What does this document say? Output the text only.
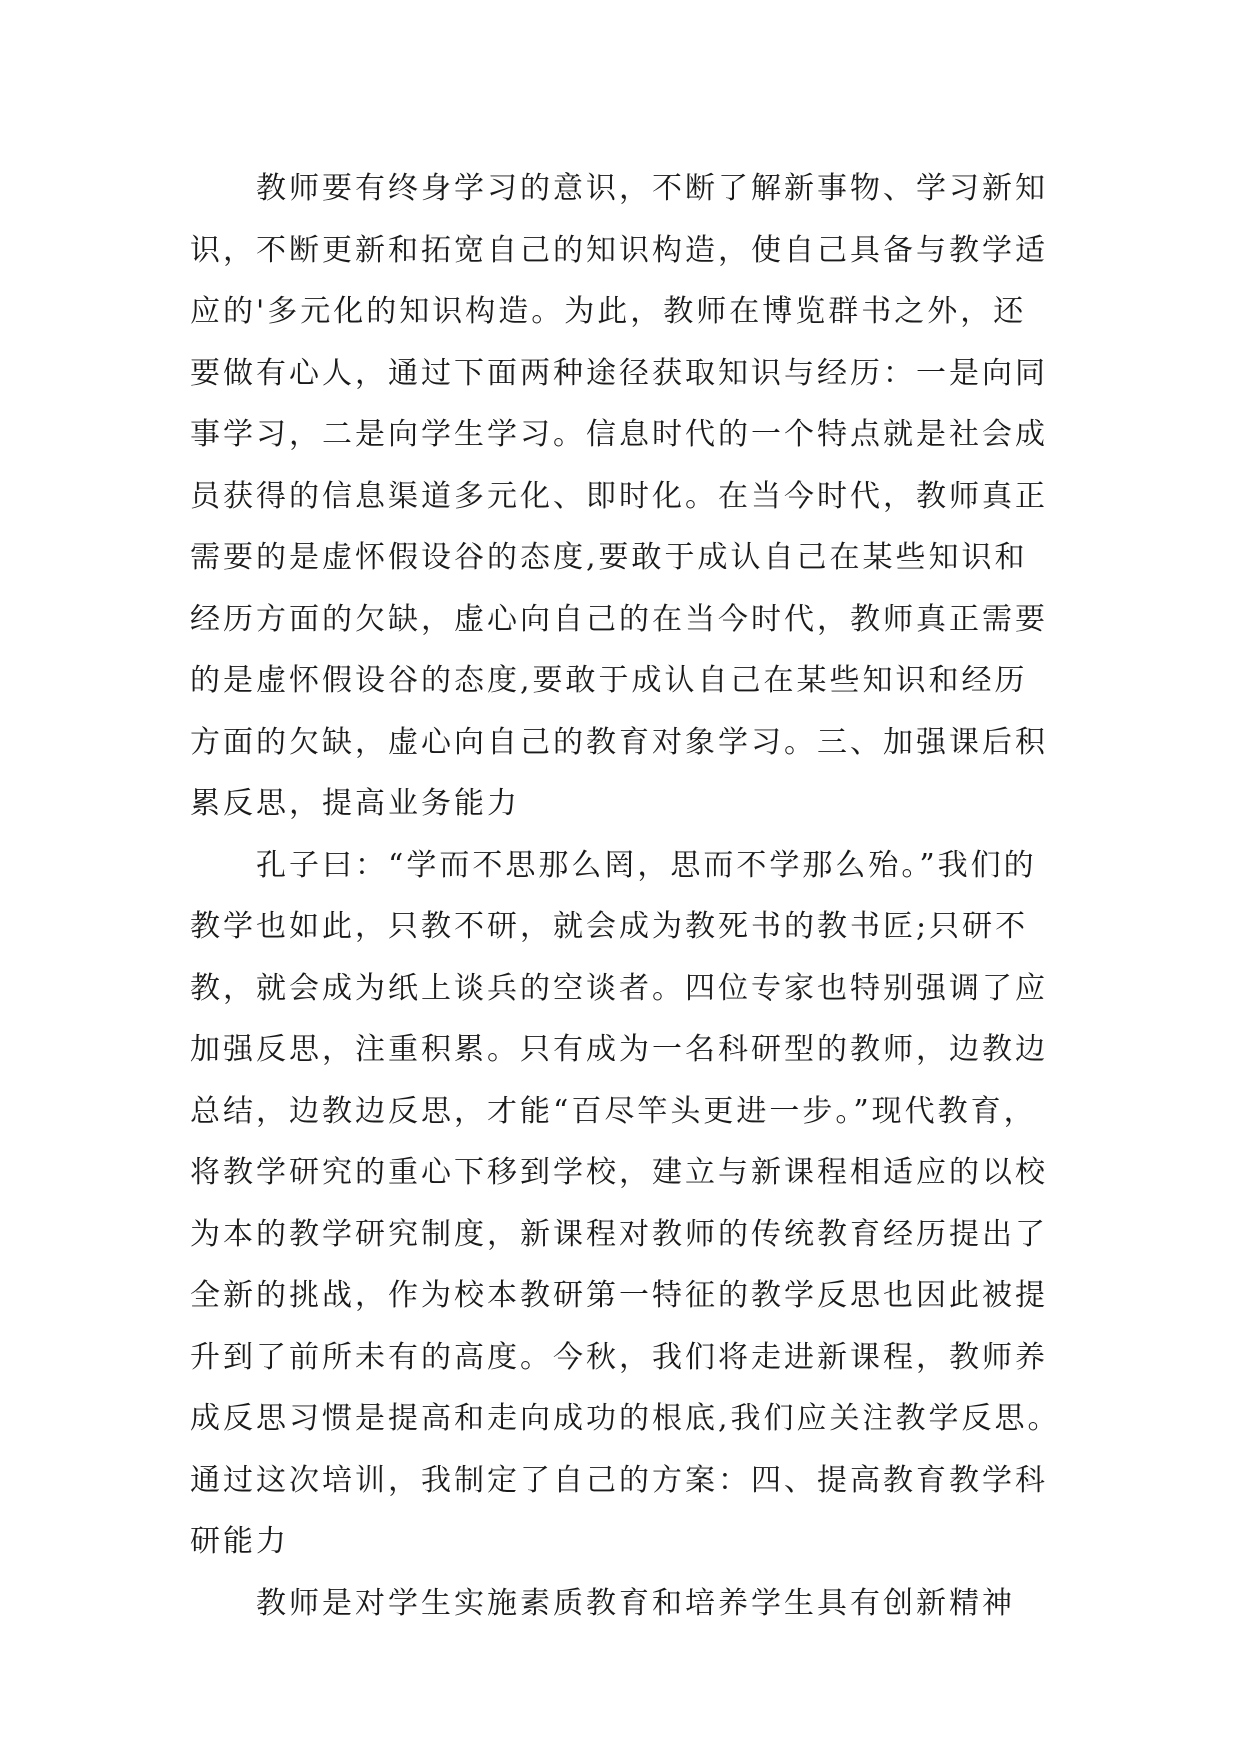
教师要有终身学习的意识，不断了解新事物、学习新知
识，不断更新和拓宽自己的知识构造，使自己具备与教学适
应的'多元化的知识构造。为此，教师在博览群书之外，还
要做有心人，通过下面两种途径获取知识与经历：一是向同
事学习，二是向学生学习。信息时代的一个特点就是社会成
员获得的信息渠道多元化、即时化。在当今时代，教师真正
需要的是虚怀假设谷的态度,要敢于成认自己在某些知识和
经历方面的欠缺，虚心向自己的在当今时代，教师真正需要
的是虚怀假设谷的态度,要敢于成认自己在某些知识和经历
方面的欠缺，虚心向自己的教育对象学习。三、加强课后积
累反思，提高业务能力
孔子曰：“学而不思那么罔，思而不学那么殆。”我们的
教学也如此，只教不研，就会成为教死书的教书匠;只研不
教，就会成为纸上谈兵的空谈者。四位专家也特别强调了应
加强反思，注重积累。只有成为一名科研型的教师，边教边
总结，边教边反思，才能“百尽竿头更进一步。”现代教育，
将教学研究的重心下移到学校，建立与新课程相适应的以校
为本的教学研究制度，新课程对教师的传统教育经历提出了
全新的挑战，作为校本教研第一特征的教学反思也因此被提
升到了前所未有的高度。今秋，我们将走进新课程，教师养
成反思习惯是提高和走向成功的根底,我们应关注教学反思。
通过这次培训，我制定了自己的方案：四、提高教育教学科
研能力
教师是对学生实施素质教育和培养学生具有创新精神
